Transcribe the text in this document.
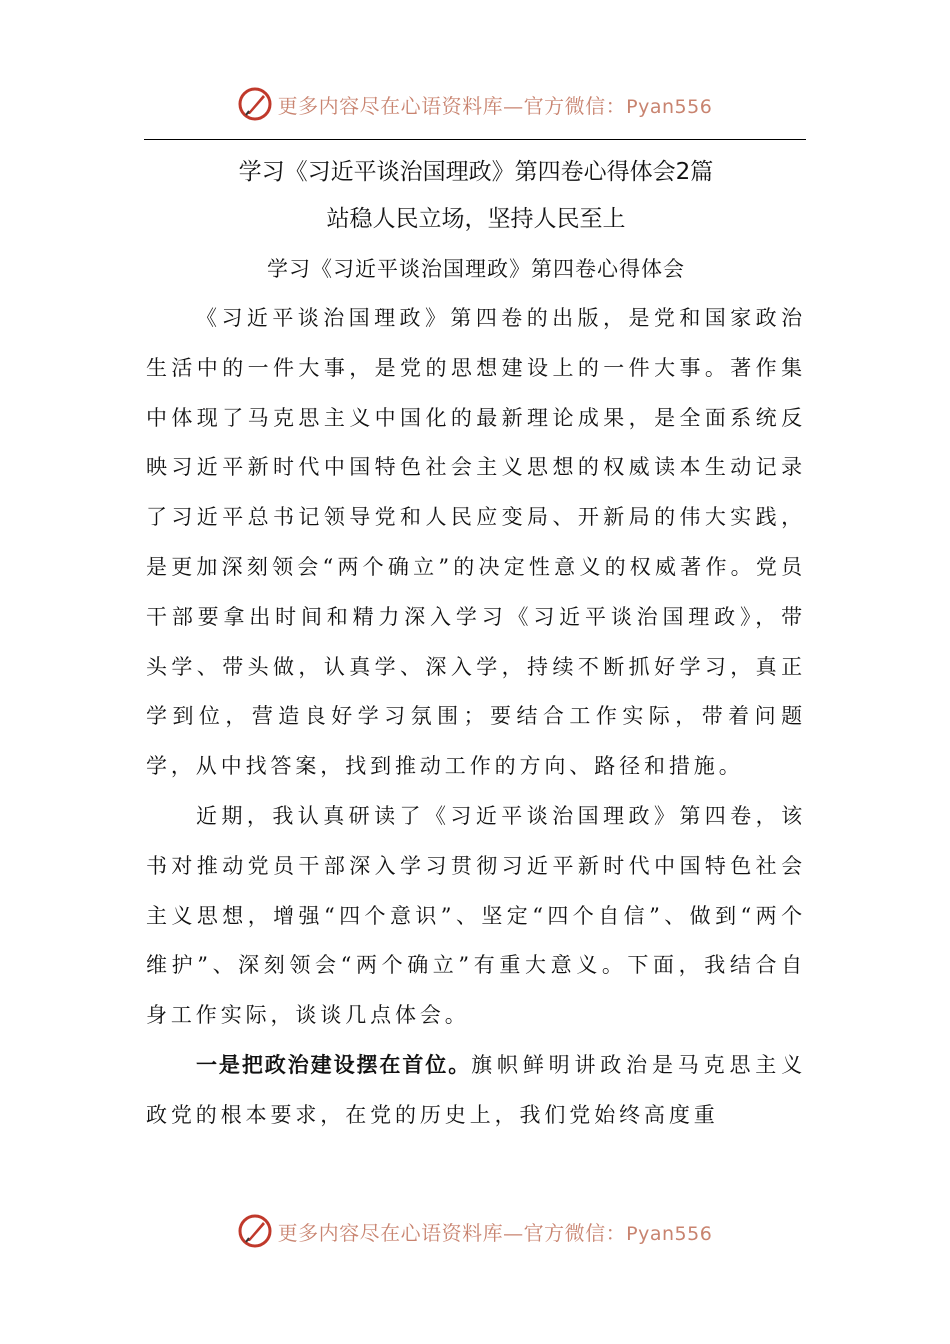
更多内容尽在心语资料库—官方微信：Pyan556
学习《习近平谈治国理政》第四卷心得体会2篇
站稳人民立场，坚持人民至上
学习《习近平谈治国理政》第四卷心得体会

《习近平谈治国理政》第四卷的出版，是党和国家政治生活中的一件大事，是党的思想建设上的一件大事。著作集中体现了马克思主义中国化的最新理论成果，是全面系统反映习近平新时代中国特色社会主义思想的权威读本生动记录了习近平总书记领导党和人民应变局、开新局的伟大实践，是更加深刻领会“两个确立”的决定性意义的权威著作。党员干部要拿出时间和精力深入学习《习近平谈治国理政》，带头学、带头做，认真学、深入学，持续不断抓好学习，真正学到位，营造良好学习氛围；要结合工作实际，带着问题学，从中找答案，找到推动工作的方向、路径和措施。

近期，我认真研读了《习近平谈治国理政》第四卷，该书对推动党员干部深入学习贯彻习近平新时代中国特色社会主义思想，增强“四个意识”、坚定“四个自信”、做到“两个维护”、深刻领会“两个确立”有重大意义。下面，我结合自身工作实际，谈谈几点体会。

一是把政治建设摆在首位。旗帜鲜明讲政治是马克思主义政党的根本要求，在党的历史上，我们党始终高度重

更多内容尽在心语资料库—官方微信：Pyan556
